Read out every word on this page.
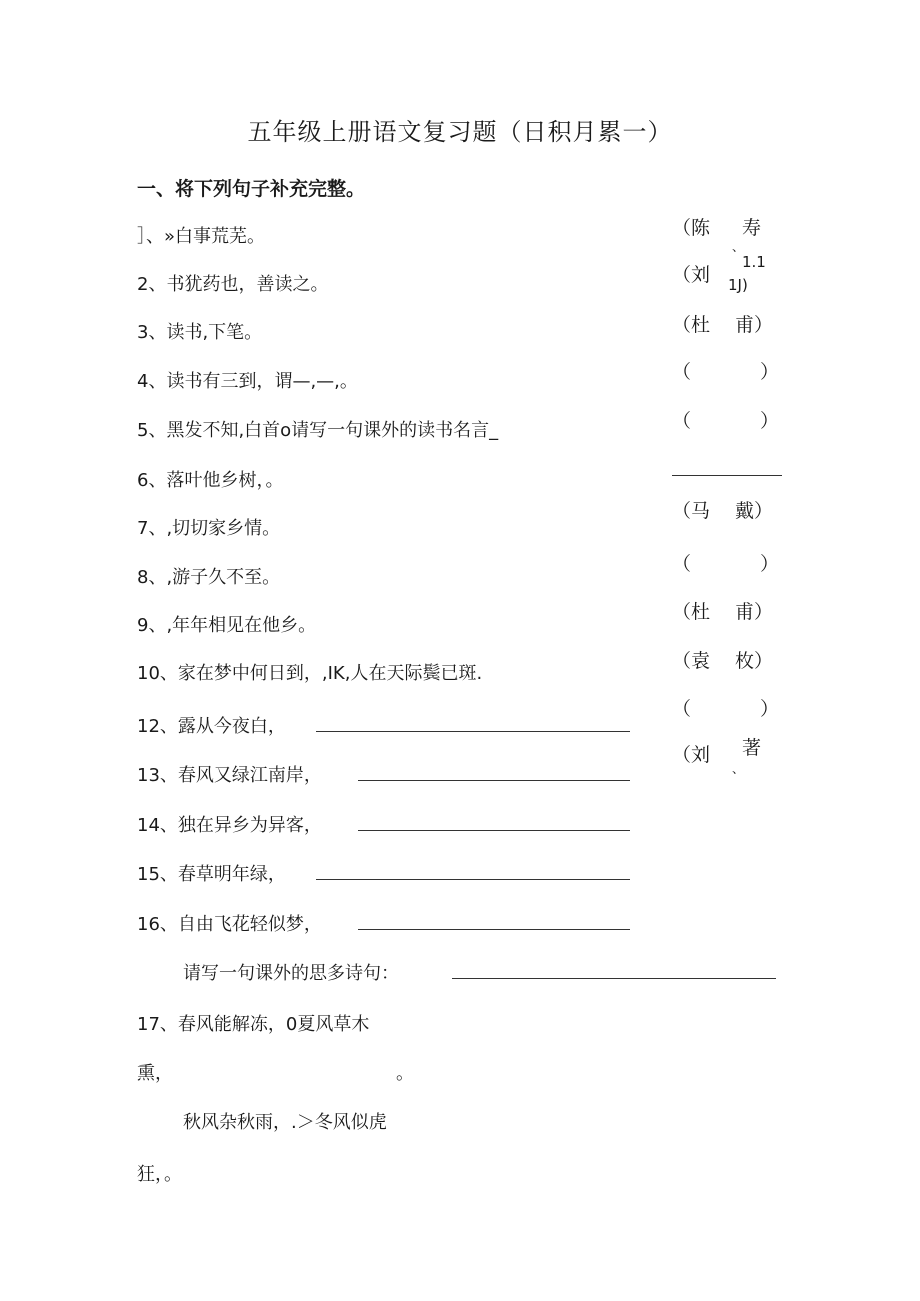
五年级上册语文复习题（日积月累一）
一、将下列句子补充完整。
］、»白事荒芜。
2、书犹药也，善读之。
3、读书,下笔。
4、读书有三到，谓—,—,。
5、黑发不知,白首o请写一句课外的读书名言_
6、落叶他乡树，。
7、,切切家乡情。
8、,游子久不至。
9、,年年相见在他乡。
10、家在梦中何日到，,IK,人在天际鬓已斑.
12、露从今夜白，
13、春风又绿江南岸，
14、独在异乡为异客，
15、春草明年绿，
16、自由飞花轻似梦，
请写一句课外的思多诗句：
17、春风能解冻，0夏风草木
熏，	。
秋风杂秋雨，.＞冬风似虎
狂，。
（陈 寿
、
（刘
1.1
1J)
（杜　 甫）
（	）
（	）
（马　 戴）
（	）
（杜　 甫）
（袁　 枚）
（	）
（刘 著
、
